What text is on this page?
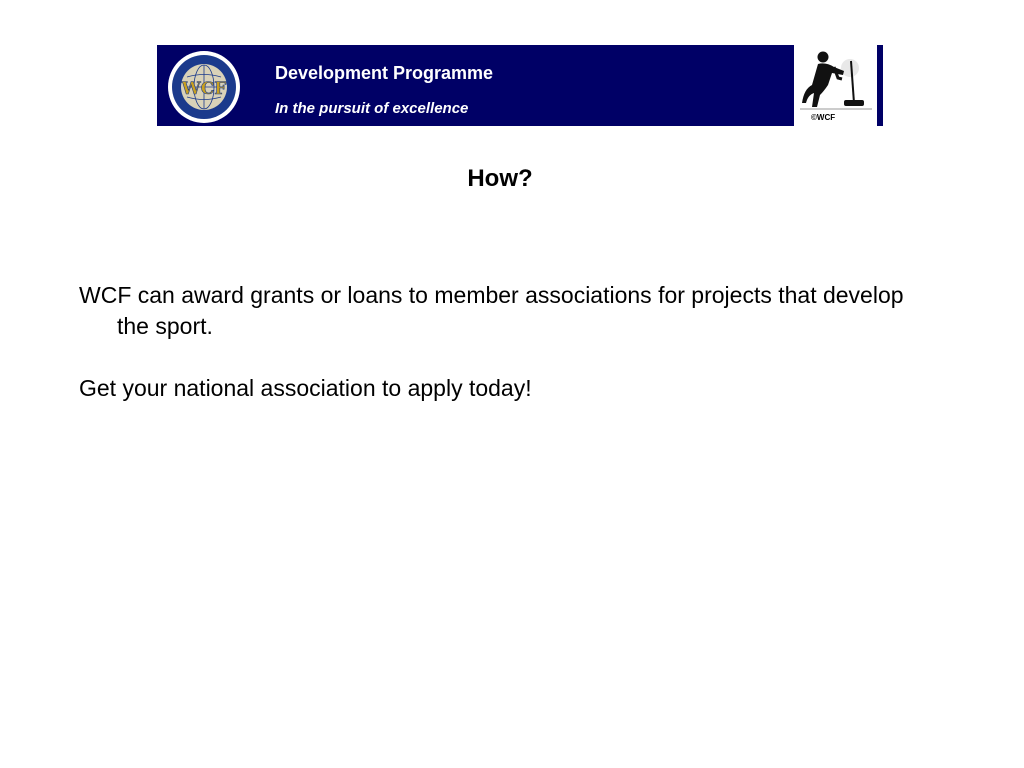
WCF
Development Programme
In the pursuit of excellence
©WCF
How?

WCF can award grants or loans to member associations for projects that develop the sport.

Get your national association to apply today!
